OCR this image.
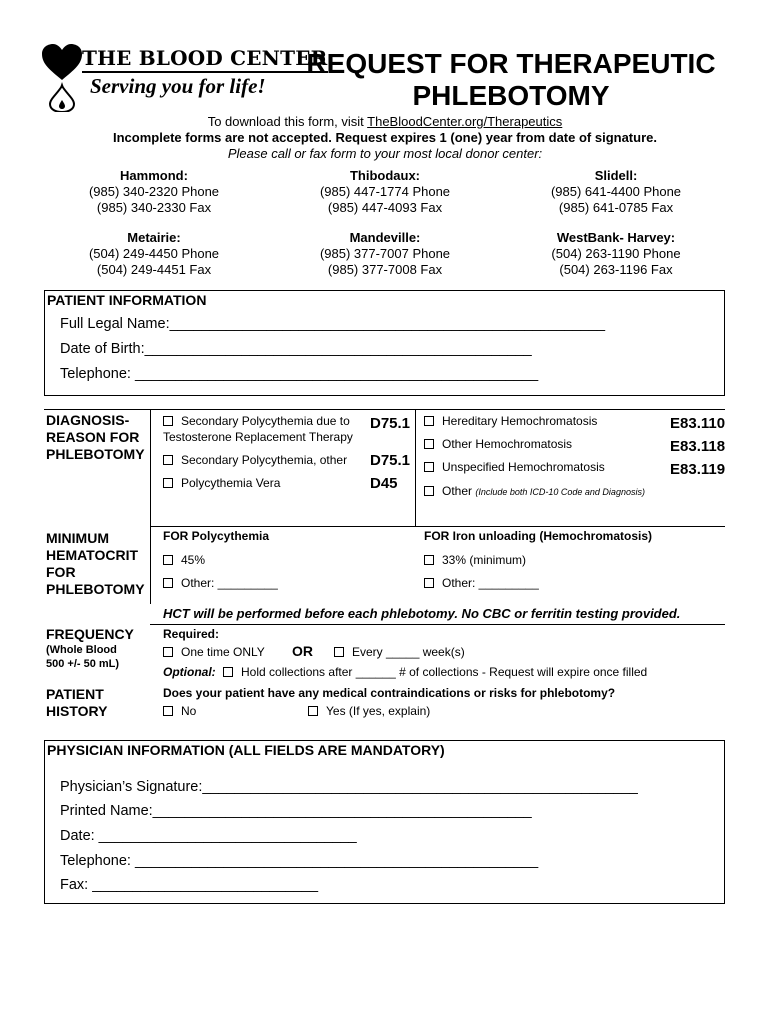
THE BLOOD CENTER
Serving you for life!
REQUEST FOR THERAPEUTIC
PHLEBOTOMY
To download this form, visit TheBloodCenter.org/Therapeutics
Incomplete forms are not accepted. Request expires 1 (one) year from date of signature.
Please call or fax form to your most local donor center:
Hammond:
(985) 340-2320 Phone
(985) 340-2330 Fax
Thibodaux:
(985) 447-1774 Phone
(985) 447-4093 Fax
Slidell:
(985) 641-4400 Phone
(985) 641-0785 Fax
Metairie:
(504) 249-4450 Phone
(504) 249-4451 Fax
Mandeville:
(985) 377-7007 Phone
(985) 377-7008 Fax
WestBank- Harvey:
(504) 263-1190 Phone
(504) 263-1196 Fax
PATIENT INFORMATION
Full Legal Name:______________________________________________________
Date of Birth:________________________________________________
Telephone: __________________________________________________
DIAGNOSIS-
REASON FOR
PHLEBOTOMY
Secondary Polycythemia due to
Testosterone Replacement Therapy
D75.1
Secondary Polycythemia, other D75.1
Polycythemia Vera	D45
Hereditary Hemochromatosis	E83.110
Other Hemochromatosis	E83.118
Unspecified Hemochromatosis	E83.119
Other (Include both ICD-10 Code and Diagnosis)
MINIMUM
HEMATOCRIT
FOR
PHLEBOTOMY
FOR Polycythemia
45%
Other: _________
FOR Iron unloading (Hemochromatosis)
33% (minimum)
Other: _________
HCT will be performed before each phlebotomy. No CBC or ferritin testing provided.
FREQUENCY
(Whole Blood
500 +/- 50 mL)
Required:
One time ONLY OR	Every _____ week(s)
Optional: Hold collections after ______ # of collections - Request will expire once filled
PATIENT
HISTORY
Does your patient have any medical contraindications or risks for phlebotomy?
No	Yes (If yes, explain)
PHYSICIAN INFORMATION (ALL FIELDS ARE MANDATORY)
Physician’s Signature:______________________________________________________
Printed Name:_______________________________________________
Date: ________________________________
Telephone: __________________________________________________
Fax: ____________________________
